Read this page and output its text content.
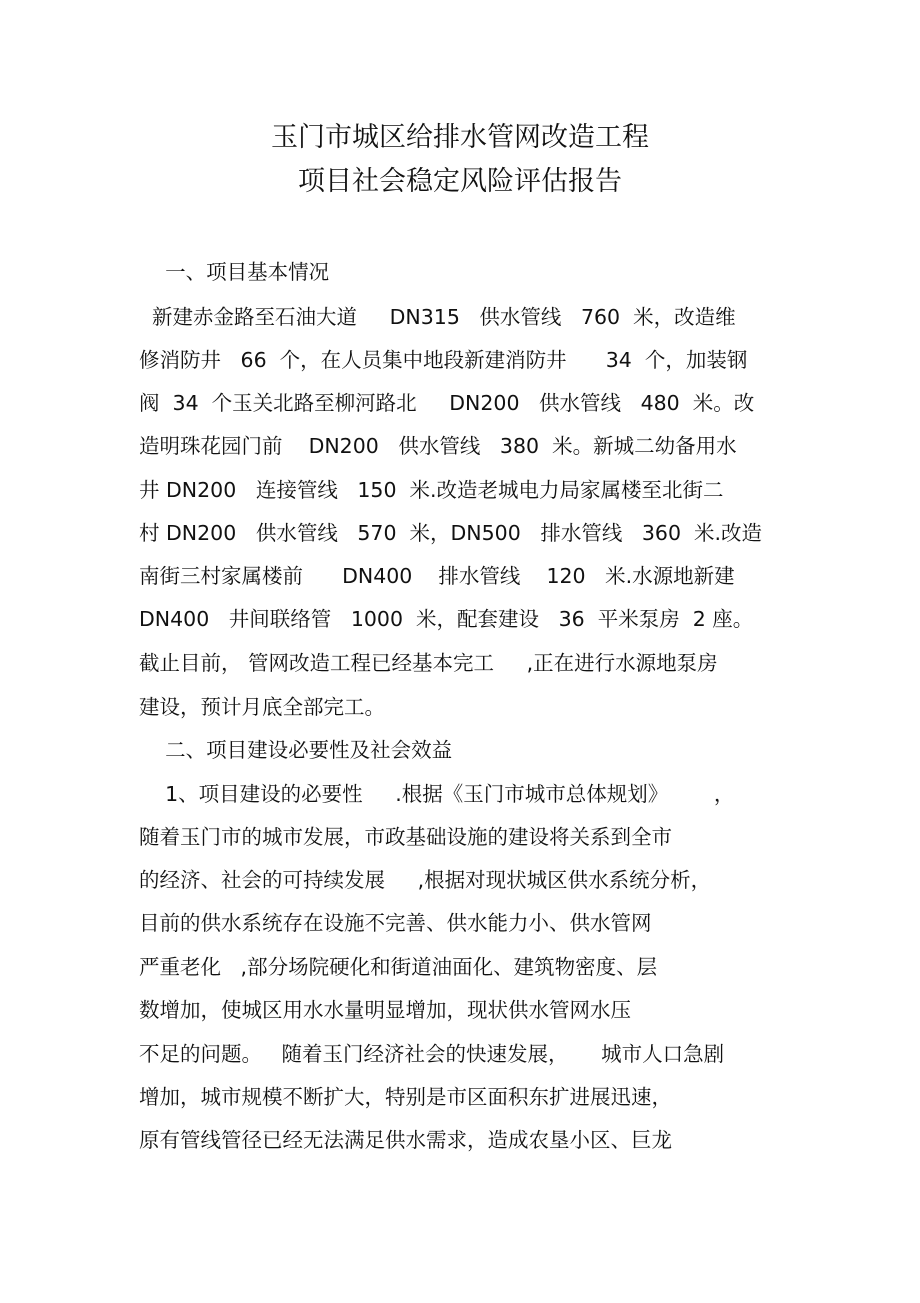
玉门市城区给排水管网改造工程
项目社会稳定风险评估报告
一、项目基本情况
新建赤金路至石油大道     DN315   供水管线   760  米，改造维
修消防井   66  个，在人员集中地段新建消防井      34  个，加装钢
阀  34  个玉关北路至柳河路北     DN200   供水管线   480  米。改
造明珠花园门前    DN200   供水管线   380  米。新城二幼备用水
井 DN200   连接管线   150  米.改造老城电力局家属楼至北街二
村 DN200   供水管线   570  米，DN500   排水管线   360  米.改造
南街三村家属楼前      DN400    排水管线    120   米.水源地新建
DN400   井间联络管   1000  米，配套建设   36  平米泵房  2 座。
截止目前， 管网改造工程已经基本完工     ,正在进行水源地泵房
建设，预计月底全部完工。
二、项目建设必要性及社会效益
1、项目建设的必要性     .根据《玉门市城市总体规划》       ，
随着玉门市的城市发展，市政基础设施的建设将关系到全市
的经济、社会的可持续发展     ,根据对现状城区供水系统分析，
目前的供水系统存在设施不完善、供水能力小、供水管网
严重老化   ,部分场院硬化和街道油面化、建筑物密度、层
数增加，使城区用水水量明显增加，现状供水管网水压
不足的问题。   随着玉门经济社会的快速发展，     城市人口急剧
增加，城市规模不断扩大，特别是市区面积东扩进展迅速，
原有管线管径已经无法满足供水需求，造成农垦小区、巨龙
